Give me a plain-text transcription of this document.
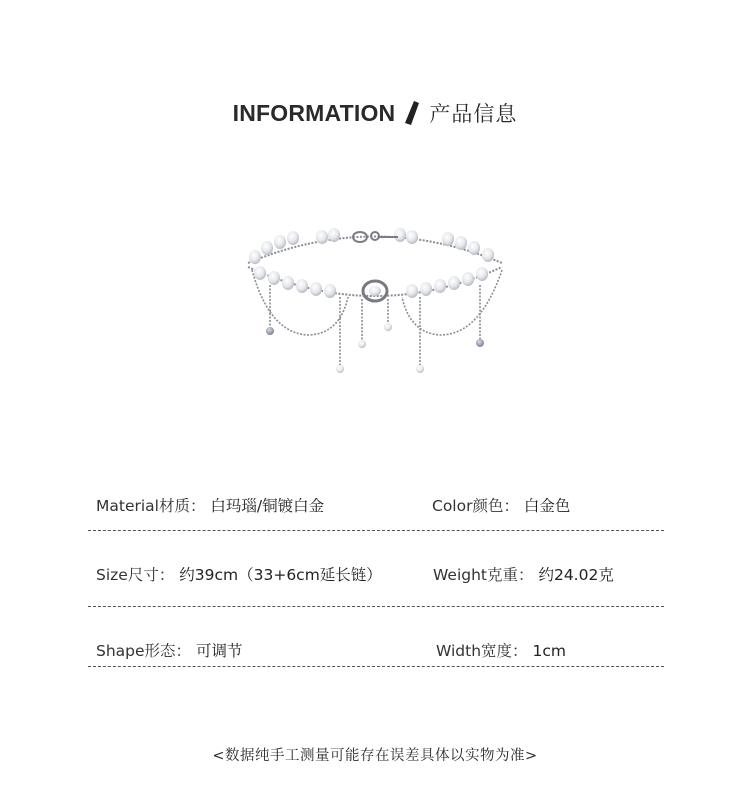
INFORMATION 产品信息
Material材质： 白玛瑙/铜镀白金	Color颜色： 白金色
Size尺寸： 约39cm（33+6cm延长链）	Weight克重： 约24.02克
Shape形态： 可调节	Width宽度： 1cm
<数据纯手工测量可能存在误差具体以实物为准>
